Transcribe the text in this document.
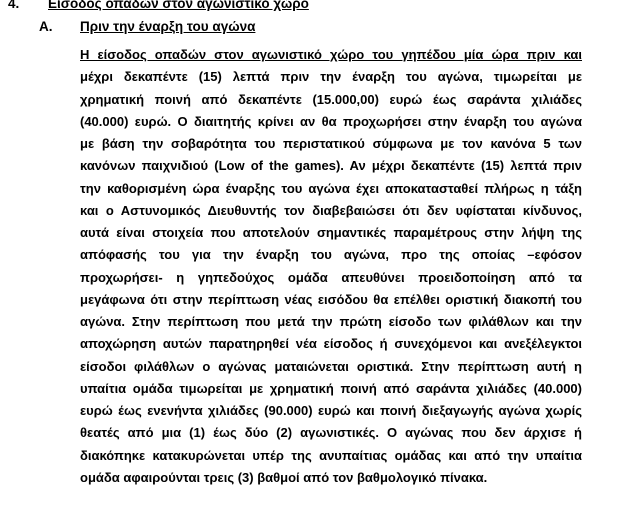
4. Είσοδος οπαδών στον αγωνιστικό χώρο
Α. Πριν την έναρξη του αγώνα
Η είσοδος οπαδών στον αγωνιστικό χώρο του γηπέδου μία ώρα πριν και
μέχρι δεκαπέντε (15) λεπτά πριν την έναρξη του αγώνα, τιμωρείται με
χρηματική ποινή από δεκαπέντε (15.000,00) ευρώ έως σαράντα χιλιάδες
(40.000) ευρώ. Ο διαιτητής κρίνει αν θα προχωρήσει στην έναρξη του αγώνα
με βάση την σοβαρότητα του περιστατικού σύμφωνα με τον κανόνα 5 των
κανόνων παιχνιδιού (Low of the games). Αν μέχρι δεκαπέντε (15) λεπτά πριν
την καθορισμένη ώρα έναρξης του αγώνα έχει αποκατασταθεί πλήρως η τάξη
και ο Αστυνομικός Διευθυντής τον διαβεβαιώσει ότι δεν υφίσταται κίνδυνος,
αυτά είναι στοιχεία που αποτελούν σημαντικές παραμέτρους στην λήψη της
απόφασής του για την έναρξη του αγώνα, προ της οποίας –εφόσον
προχωρήσει- η γηπεδούχος ομάδα απευθύνει προειδοποίηση από τα
μεγάφωνα ότι στην περίπτωση νέας εισόδου θα επέλθει οριστική διακοπή του
αγώνα. Στην περίπτωση που μετά την πρώτη είσοδο των φιλάθλων και την
αποχώρηση αυτών παρατηρηθεί νέα είσοδος ή συνεχόμενοι και ανεξέλεγκτοι
είσοδοι φιλάθλων ο αγώνας ματαιώνεται οριστικά. Στην περίπτωση αυτή η
υπαίτια ομάδα τιμωρείται με χρηματική ποινή από σαράντα χιλιάδες (40.000)
ευρώ έως ενενήντα χιλιάδες (90.000) ευρώ και ποινή διεξαγωγής αγώνα χωρίς
θεατές από μια (1) έως δύο (2) αγωνιστικές. Ο αγώνας που δεν άρχισε ή
διακόπηκε κατακυρώνεται υπέρ της ανυπαίτιας ομάδας και από την υπαίτια
ομάδα αφαιρούνται τρεις (3) βαθμοί από τον βαθμολογικό πίνακα.
